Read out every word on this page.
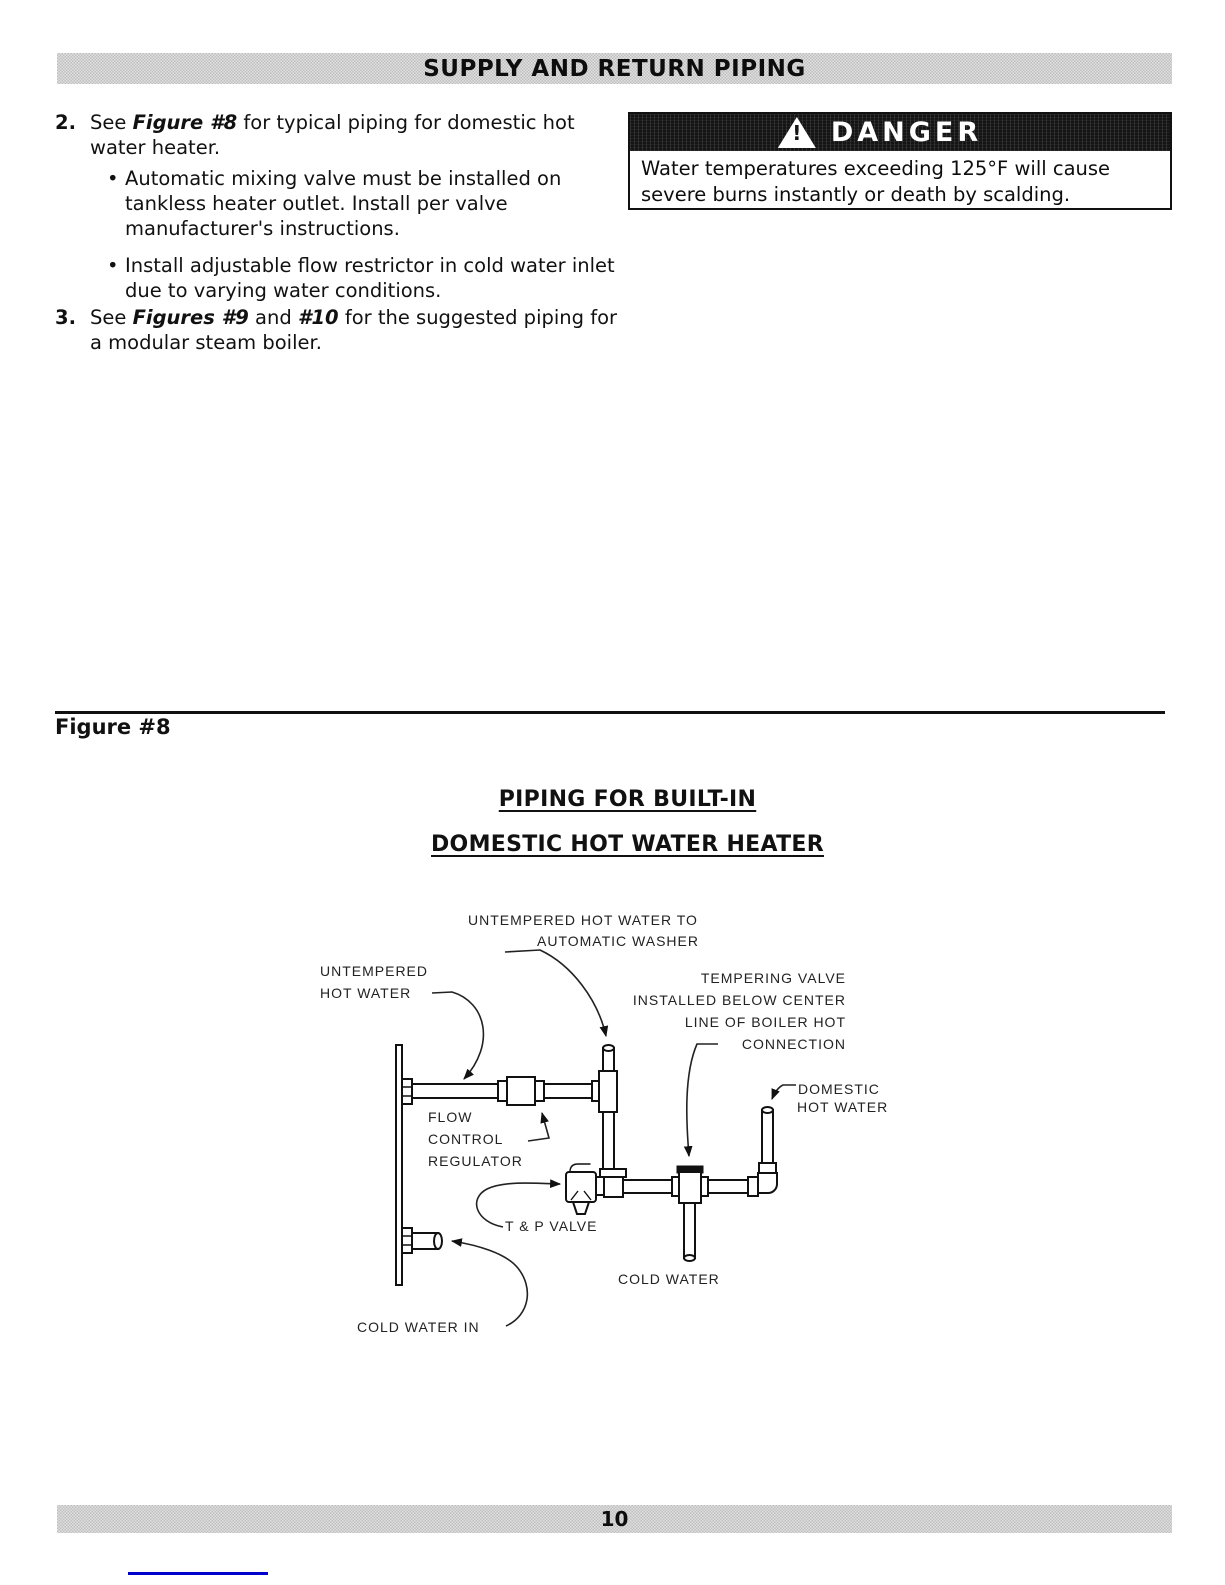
SUPPLY AND RETURN PIPING
2. See Figure #8 for typical piping for domestic hot water heater.
• Automatic mixing valve must be installed on tankless heater outlet. Install per valve manufacturer's instructions.
• Install adjustable flow restrictor in cold water inlet due to varying water conditions.
3. See Figures #9 and #10 for the suggested piping for a modular steam boiler.
!	DANGER
Water temperatures exceeding 125°F will cause
severe burns instantly or death by scalding.
Figure #8
PIPING FOR BUILT-IN
DOMESTIC HOT WATER HEATER
UNTEMPERED HOT WATER TO
AUTOMATIC WASHER
UNTEMPERED
HOT WATER
TEMPERING VALVE
INSTALLED BELOW CENTER
LINE OF BOILER HOT
CONNECTION
DOMESTIC
HOT WATER
FLOW
CONTROL
REGULATOR
T & P VALVE
COLD WATER
COLD WATER IN
10
